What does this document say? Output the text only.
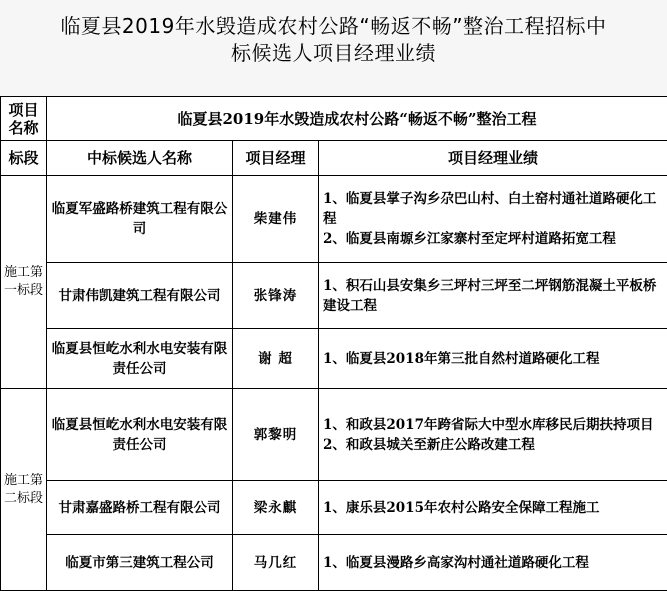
临夏县2019年水毁造成农村公路“畅返不畅”整治工程招标中
标候选人项目经理业绩
项目名称	临夏县2019年水毁造成农村公路“畅返不畅”整治工程		
标段	中标候选人名称	项目经理	项目经理业绩
施工第一标段	临夏军盛路桥建筑工程有限公司	柴建伟	1、临夏县掌子沟乡尕巴山村、白土窑村通社道路硬化工程
2、临夏县南塬乡江家寨村至定坪村道路拓宽工程

	甘肃伟凯建筑工程有限公司	张锋涛	1、积石山县安集乡三坪村三坪至二坪钢筋混凝土平板桥建设工程

	临夏县恒屹水利水电安装有限责任公司	谢 超	1、临夏县2018年第三批自然村道路硬化工程

施工第二标段	临夏县恒屹水利水电安装有限责任公司	郭黎明	1、和政县2017年跨省际大中型水库移民后期扶持项目
2、和政县城关至新庄公路改建工程

	甘肃嘉盛路桥工程有限公司	梁永麒	1、康乐县2015年农村公路安全保障工程施工

	临夏市第三建筑工程公司	马几红	1、临夏县漫路乡高家沟村通社道路硬化工程
